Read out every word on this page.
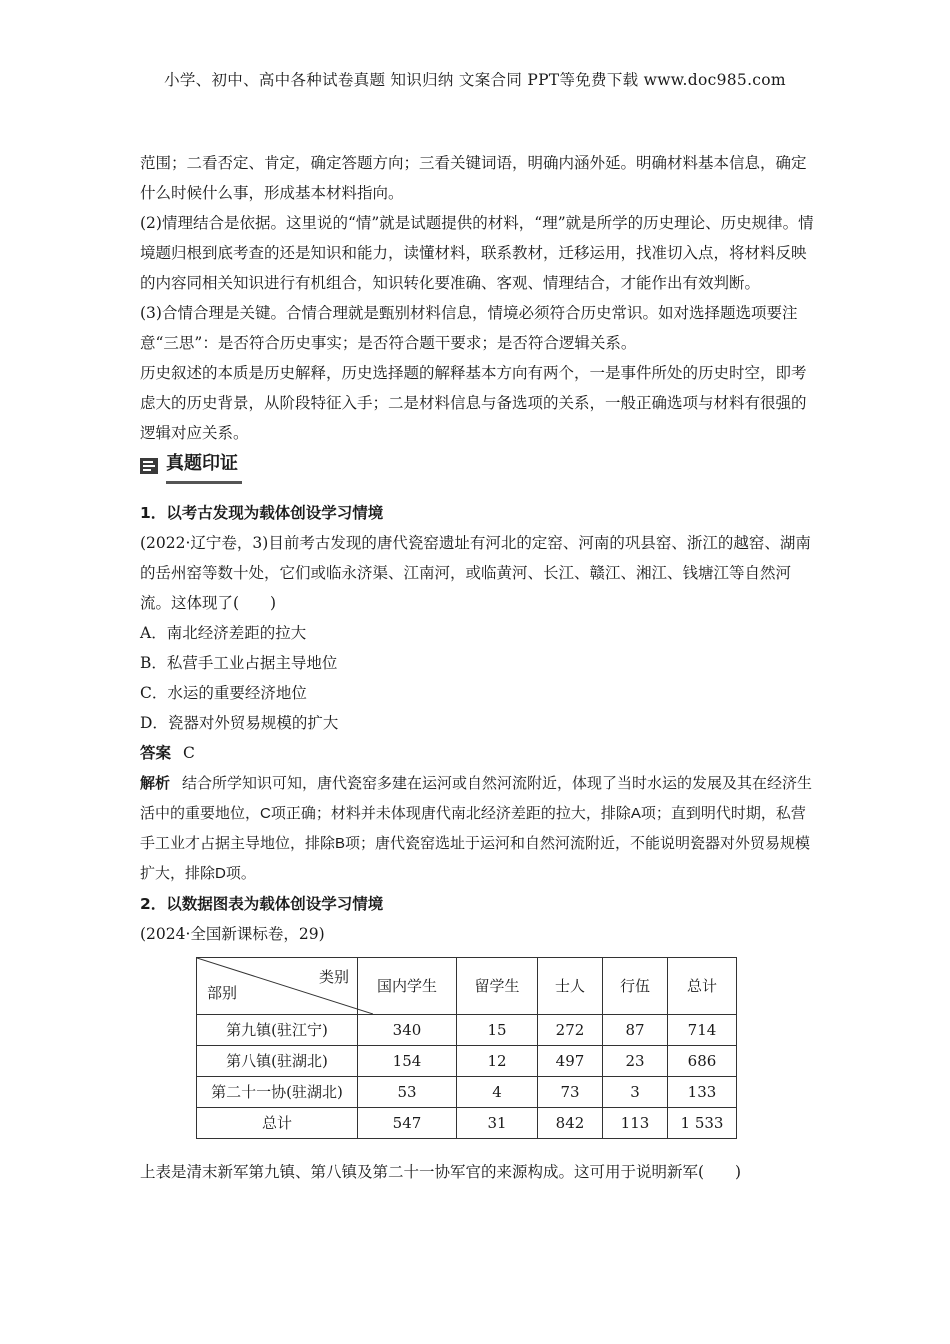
小学、初中、高中各种试卷真题 知识归纳 文案合同 PPT等免费下载 www.doc985.com

范围；二看否定、肯定，确定答题方向；三看关键词语，明确内涵外延。明确材料基本信息，确定什么时候什么事，形成基本材料指向。

(2)情理结合是依据。这里说的“情”就是试题提供的材料，“理”就是所学的历史理论、历史规律。情境题归根到底考查的还是知识和能力，读懂材料，联系教材，迁移运用，找准切入点，将材料反映的内容同相关知识进行有机组合，知识转化要准确、客观、情理结合，才能作出有效判断。

(3)合情合理是关键。合情合理就是甄别材料信息，情境必须符合历史常识。如对选择题选项要注意“三思”：是否符合历史事实；是否符合题干要求；是否符合逻辑关系。

历史叙述的本质是历史解释，历史选择题的解释基本方向有两个，一是事件所处的历史时空，即考虑大的历史背景，从阶段特征入手；二是材料信息与备选项的关系，一般正确选项与材料有很强的逻辑对应关系。

真题印证

1．以考古发现为载体创设学习情境

(2022·辽宁卷，3)目前考古发现的唐代瓷窑遗址有河北的定窑、河南的巩县窑、浙江的越窑、湖南的岳州窑等数十处，它们或临永济渠、江南河，或临黄河、长江、赣江、湘江、钱塘江等自然河流。这体现了(　　)

A．南北经济差距的拉大

B．私营手工业占据主导地位

C．水运的重要经济地位

D．瓷器对外贸易规模的扩大

答案 C

解析 结合所学知识可知，唐代瓷窑多建在运河或自然河流附近，体现了当时水运的发展及其在经济生活中的重要地位，C项正确；材料并未体现唐代南北经济差距的拉大，排除A项；直到明代时期，私营手工业才占据主导地位，排除B项；唐代瓷窑选址于运河和自然河流附近，不能说明瓷器对外贸易规模扩大，排除D项。

2．以数据图表为载体创设学习情境

(2024·全国新课标卷，29)

类别
部别	国内学生	留学生	士人	行伍	总计
第九镇(驻江宁)	340	15	272	87	714
第八镇(驻湖北)	154	12	497	23	686
第二十一协(驻湖北)	53	4	73	3	133
总计	547	31	842	113	1 533

上表是清末新军第九镇、第八镇及第二十一协军官的来源构成。这可用于说明新军(　　)
